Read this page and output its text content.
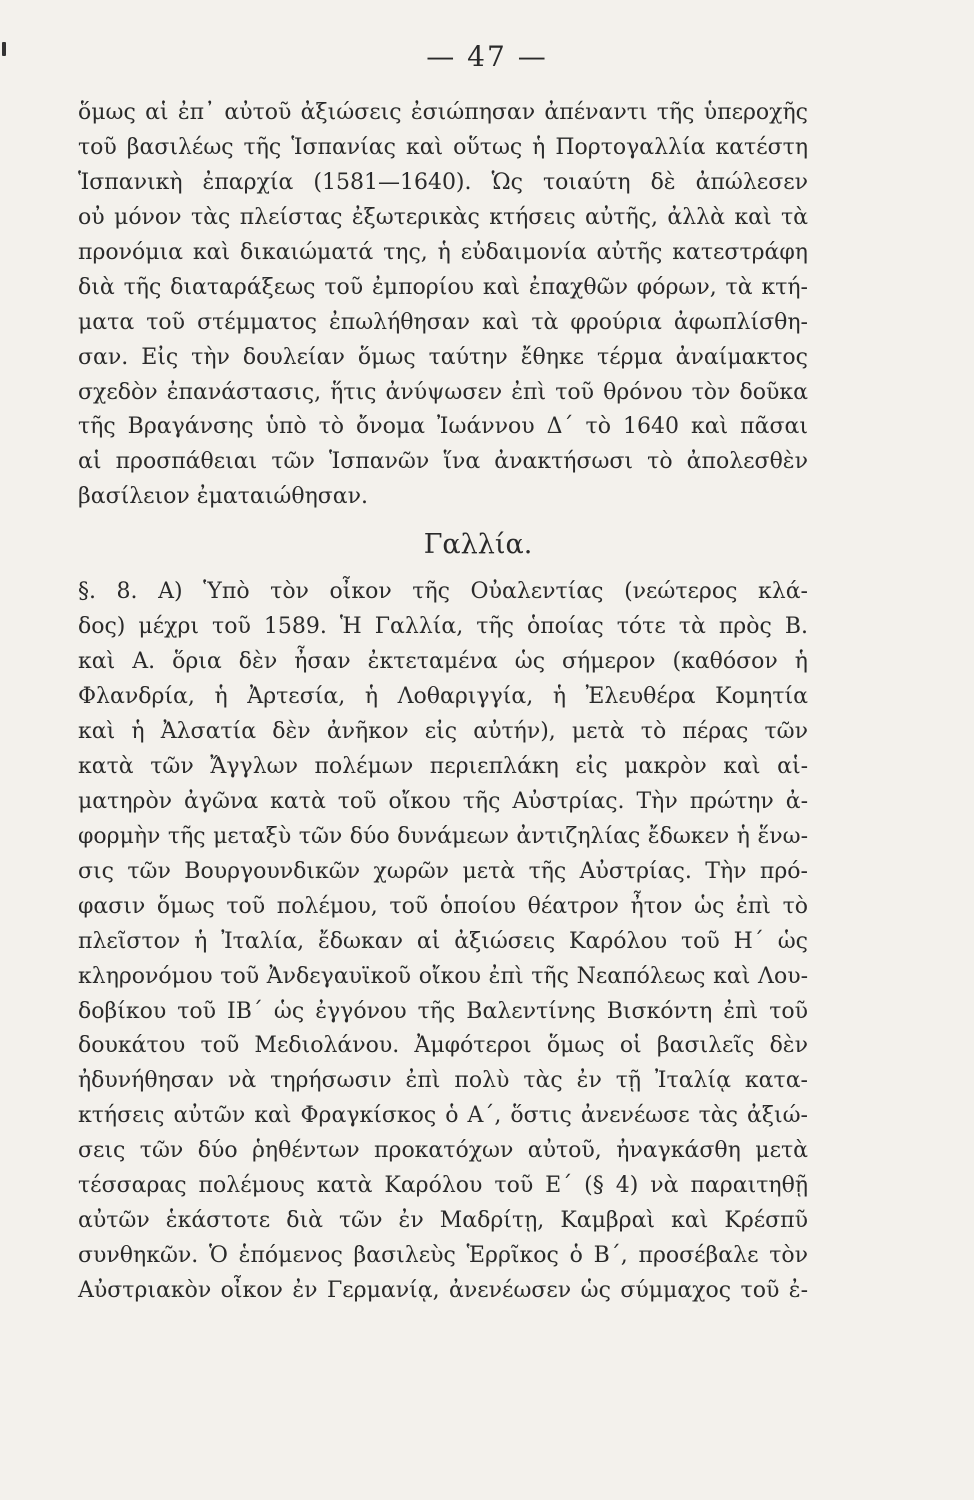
— 47 —
ὅμως αἱ ἐπ᾿ αὐτοῦ ἀξιώσεις ἐσιώπησαν ἀπέναντι τῆς ὑπεροχῆς
τοῦ βασιλέως τῆς Ἱσπανίας καὶ οὕτως ἡ Πορτογαλλία κατέστη
Ἱσπανικὴ ἐπαρχία (1581—1640). Ὡς τοιαύτη δὲ ἀπώλεσεν
οὐ μόνον τὰς πλείστας ἐξωτερικὰς κτήσεις αὐτῆς, ἀλλὰ καὶ τὰ
προνόμια καὶ δικαιώματά της, ἡ εὐδαιμονία αὐτῆς κατεστράφη
διὰ τῆς διαταράξεως τοῦ ἐμπορίου καὶ ἐπαχθῶν φόρων, τὰ κτή-
ματα τοῦ στέμματος ἐπωλήθησαν καὶ τὰ φρούρια ἀφωπλίσθη-
σαν. Εἰς τὴν δουλείαν ὅμως ταύτην ἔθηκε τέρμα ἀναίμακτος
σχεδὸν ἐπανάστασις, ἥτις ἀνύψωσεν ἐπὶ τοῦ θρόνου τὸν δοῦκα
τῆς Βραγάνσης ὑπὸ τὸ ὄνομα Ἰωάννου Δ΄ τὸ 1640 καὶ πᾶσαι
αἱ προσπάθειαι τῶν Ἱσπανῶν ἵνα ἀνακτήσωσι τὸ ἀπολεσθὲν
βασίλειον ἐματαιώθησαν.
Γαλλία.
§. 8. Α) Ὑπὸ τὸν οἶκον τῆς Οὐαλεντίας (νεώτερος κλά-
δος) μέχρι τοῦ 1589. Ἡ Γαλλία, τῆς ὁποίας τότε τὰ πρὸς Β.
καὶ Α. ὅρια δὲν ἦσαν ἐκτεταμένα ὡς σήμερον (καθόσον ἡ
Φλανδρία, ἡ Ἀρτεσία, ἡ Λοθαριγγία, ἡ Ἐλευθέρα Κομητία
καὶ ἡ Ἀλσατία δὲν ἀνῆκον εἰς αὐτήν), μετὰ τὸ πέρας τῶν
κατὰ τῶν Ἄγγλων πολέμων περιεπλάκη εἰς μακρὸν καὶ αἱ-
ματηρὸν ἀγῶνα κατὰ τοῦ οἴκου τῆς Αὐστρίας. Τὴν πρώτην ἀ-
φορμὴν τῆς μεταξὺ τῶν δύο δυνάμεων ἀντιζηλίας ἔδωκεν ἡ ἕνω-
σις τῶν Βουργουνδικῶν χωρῶν μετὰ τῆς Αὐστρίας. Τὴν πρό-
φασιν ὅμως τοῦ πολέμου, τοῦ ὁποίου θέατρον ἦτον ὡς ἐπὶ τὸ
πλεῖστον ἡ Ἰταλία, ἔδωκαν αἱ ἀξιώσεις Καρόλου τοῦ Η΄ ὡς
κληρονόμου τοῦ Ἀνδεγαυϊκοῦ οἴκου ἐπὶ τῆς Νεαπόλεως καὶ Λου-
δοβίκου τοῦ ΙΒ΄ ὡς ἐγγόνου τῆς Βαλεντίνης Βισκόντη ἐπὶ τοῦ
δουκάτου τοῦ Μεδιολάνου. Ἀμφότεροι ὅμως οἱ βασιλεῖς δὲν
ἠδυνήθησαν νὰ τηρήσωσιν ἐπὶ πολὺ τὰς ἐν τῇ Ἰταλίᾳ κατα-
κτήσεις αὐτῶν καὶ Φραγκίσκος ὁ Α΄, ὅστις ἀνενέωσε τὰς ἀξιώ-
σεις τῶν δύο ῥηθέντων προκατόχων αὐτοῦ, ἠναγκάσθη μετὰ
τέσσαρας πολέμους κατὰ Καρόλου τοῦ Ε΄ (§ 4) νὰ παραιτηθῇ
αὐτῶν ἑκάστοτε διὰ τῶν ἐν Μαδρίτῃ, Καμβραὶ καὶ Κρέσπῦ
συνθηκῶν. Ὁ ἑπόμενος βασιλεὺς Ἑρρῖκος ὁ Β΄, προσέβαλε τὸν
Αὐστριακὸν οἶκον ἐν Γερμανίᾳ, ἀνενέωσεν ὡς σύμμαχος τοῦ ἐ-
